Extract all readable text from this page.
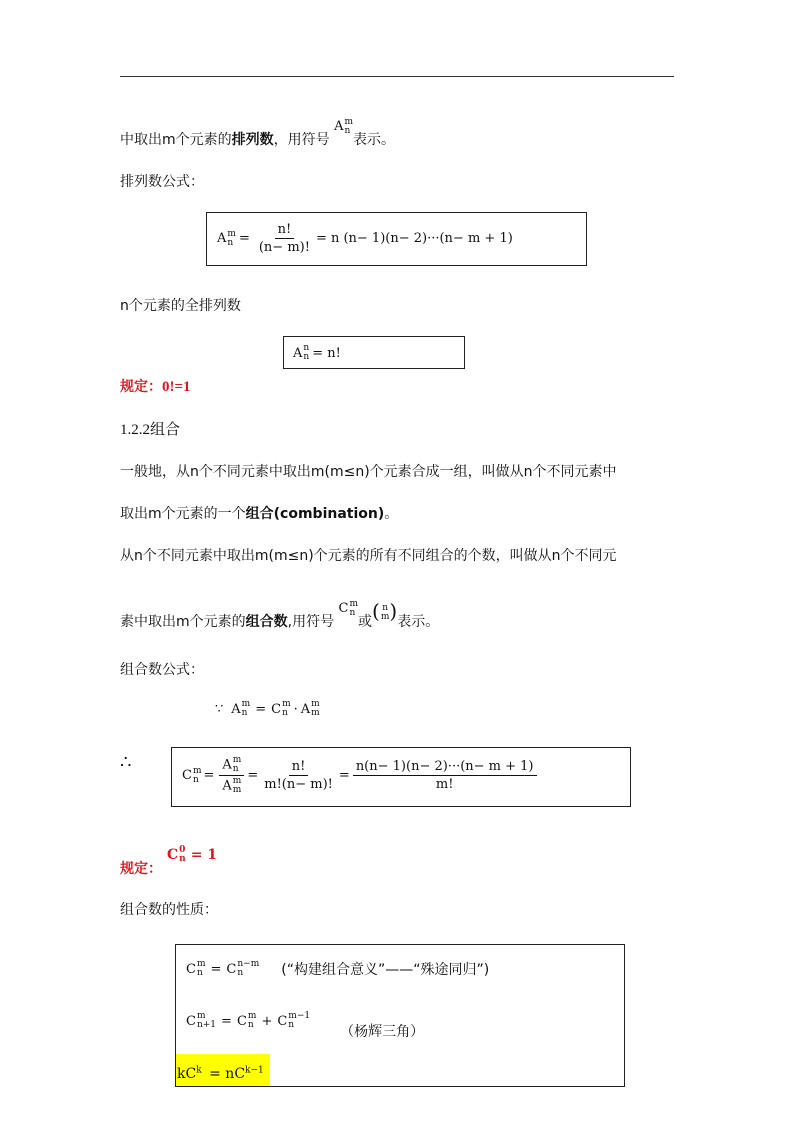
中取出m个元素的排列数，用符号 A m
n
表示。
排列数公式：
A m
$n = \frac{n!}{(n- m)!} = n$ (n− 1)(n− 2)···(n− m + 1)
n个元素的全排列数
A n
n = n!
规定：0!=1
1.2.2组合
一般地，从n个不同元素中取出m(m≤n)个元素合成一组，叫做从n个不同元素中
取出m个元素的一个组合(combination)。
从n个不同元素中取出m(m≤n)个元素的所有不同组合的个数，叫做从n个不同元
素中取出m个元素的组合数,用符号 C m
n
或( n
m )表示。
组合数公式：
∵ A m
n = C m
n · A m
m
∴
C m
n = A m
n
A m
$m = \frac{n!}{m!(n- m)!} = \frac{n(n- 1)(n- 2)\cdot\cdot\cdot(n- m + 1)}{m!}$
规定：
C 0
n = 1
组合数的性质：
C m
n = C n−m
n	(“构建组合意义”——“殊途同归”)
C m
n+1 = C m
n + C m−1
n	（杨辉三角）
$kC^k = nC^{k-1}$
